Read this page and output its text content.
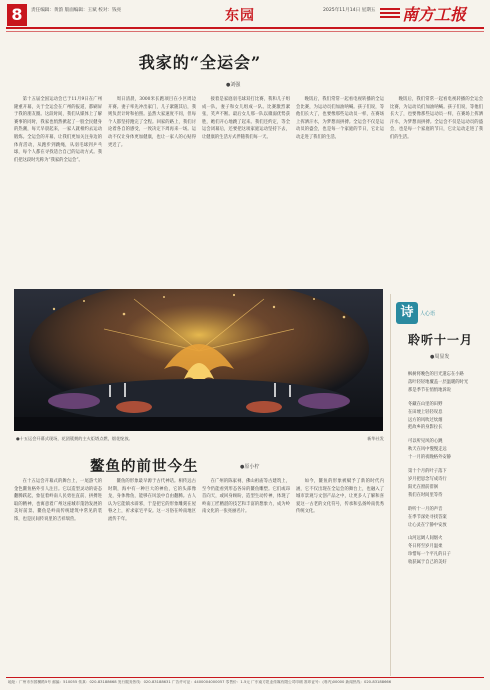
8	责任编辑：黄韵 版面编辑：王斌 校对：钱亮	东园	2025年11月14日 星期五 南方工报
我家的“全运会”
●刘强

第十五届全国运动会已于11月9日在广州隆重开幕，关于全运会在广州的报道，都刷屏于我的朋友圈。这段时间，我们从媒体上了解赛事的同时，我家也悄然掀起了一股全民健身的热潮，每天早晨起来，一家人就相约去运动锻炼。全运会的开幕，让我们更加关注身边的体育活动，从跑步到跳绳，从羽毛球到乒乓球，每个人都在寻找适合自己的运动方式。我们把这段时光称为“我家的全运会”。

周日清晨，3000米长跑项目在小区周边开赛。妻子率先冲出家门，儿子紧随其后，我则负责计时和拍照。虽然大家速度不同，但每个人都坚持跑完了全程。回家的路上，我们讨论着各自的感受，一致决定下周再来一场。运动不仅让身体更加健康，也让一家人的心贴得更近了。

接着是家庭羽毛球双打比赛，我和儿子组成一队，妻子和女儿组成一队。比赛激烈紧张，笑声不断。最后女儿那一队以微弱优势获胜，她们开心地跳了起来。我们还约定，等全运会闭幕后，还要把这项家庭运动坚持下去，让健康的生活方式伴随我们每一天。

晚饭后，我们常常一起看电视转播的全运会比赛，为运动员们加油呐喊。孩子们说，等他们长大了，也要像那些运动员一样，在赛场上挥洒汗水，为梦想而拼搏。全运会不仅是运动员的盛会，也是每一个家庭的节日，它让运动走进了我们的生活。

晚饭后，我们常常一起看电视转播的全运会比赛，为运动员们加油呐喊。孩子们说，等他们长大了，也要像那些运动员一样，在赛场上挥洒汗水，为梦想而拼搏。全运会不仅是运动员的盛会，也是每一个家庭的节日，它让运动走进了我们的生活。

●十五运会开幕式现场，花团簇拥的主火炬塔点燃，烟花绽放。	新华社发
鳌鱼的前世今生	●原小柠

在十五运会开幕式的舞台上，一尾游弋的金色鳌鱼格外引人注目。它以造型灵动的姿态翻腾跃起，象征着岭南人民勇往直前、拼搏进取的精神，也寓意着广州这座城市蓬勃发展的美好前景。鳌鱼是岭南传统建筑中常见的装饰，也是民间传说里的吉祥瑞兽。

鳌鱼的形象最早源于古代神话。相传远古时期，海中有一种巨大的神鱼，它的头部像龙，身体像鱼，能够在风浪中自由翻腾。古人认为它能镇水辟邪，于是把它的形象雕刻在屋脊之上，祈求家宅平安。这一习俗在岭南地区流传千年。

在广州的陈家祠、佛山祖庙等古建筑上，至今仍能看到形态各异的鳌鱼雕塑。它们或昂首向天，或回身顾盼，造型生动传神，体现了岭南工匠精湛的技艺和丰富的想象力，成为岭南文化的一张亮丽名片。

如今，鳌鱼的形象被赋予了新的时代内涵，它不仅出现在全运会的舞台上，也融入了城市景观与文创产品之中，让更多人了解和喜爱这一古老的文化符号，传承和弘扬岭南优秀传统文化。

诗	人心语
聆听十一月
●周显发
枫树将晚色的目光遗忘在小路
落叶轻轻地覆盖一层温暖的时光
那是季节在悄悄地诉说
冬藏在山里的田野
在田埂上轻轻叹息
远方的风吹过炊烟
把故乡的身影拉长
可以听见风的心跳
秋天在风中慢慢走远
十一月的夜晚格外安静
第十个月的叶子落下
岁月把思念写成诗行
阳光在窗前徘徊
我们在时间里等待
聆听十一月的声音
在季节深处寻找答案
让心灵在宁静中安放
山河远阔人间烟火
冬日将至岁月温柔
珍惜每一个平凡的日子
收获属于自己的美好
地址：广州市东园横路5号 邮编：510055 传真：020-83188668 发行服务热线：020-83188631 广告许可证：4400004000057 零售价：1.5元 广东南方报业传媒有限公司印刷 准印证号：(粤内)00000 新闻热线：020-83188666
